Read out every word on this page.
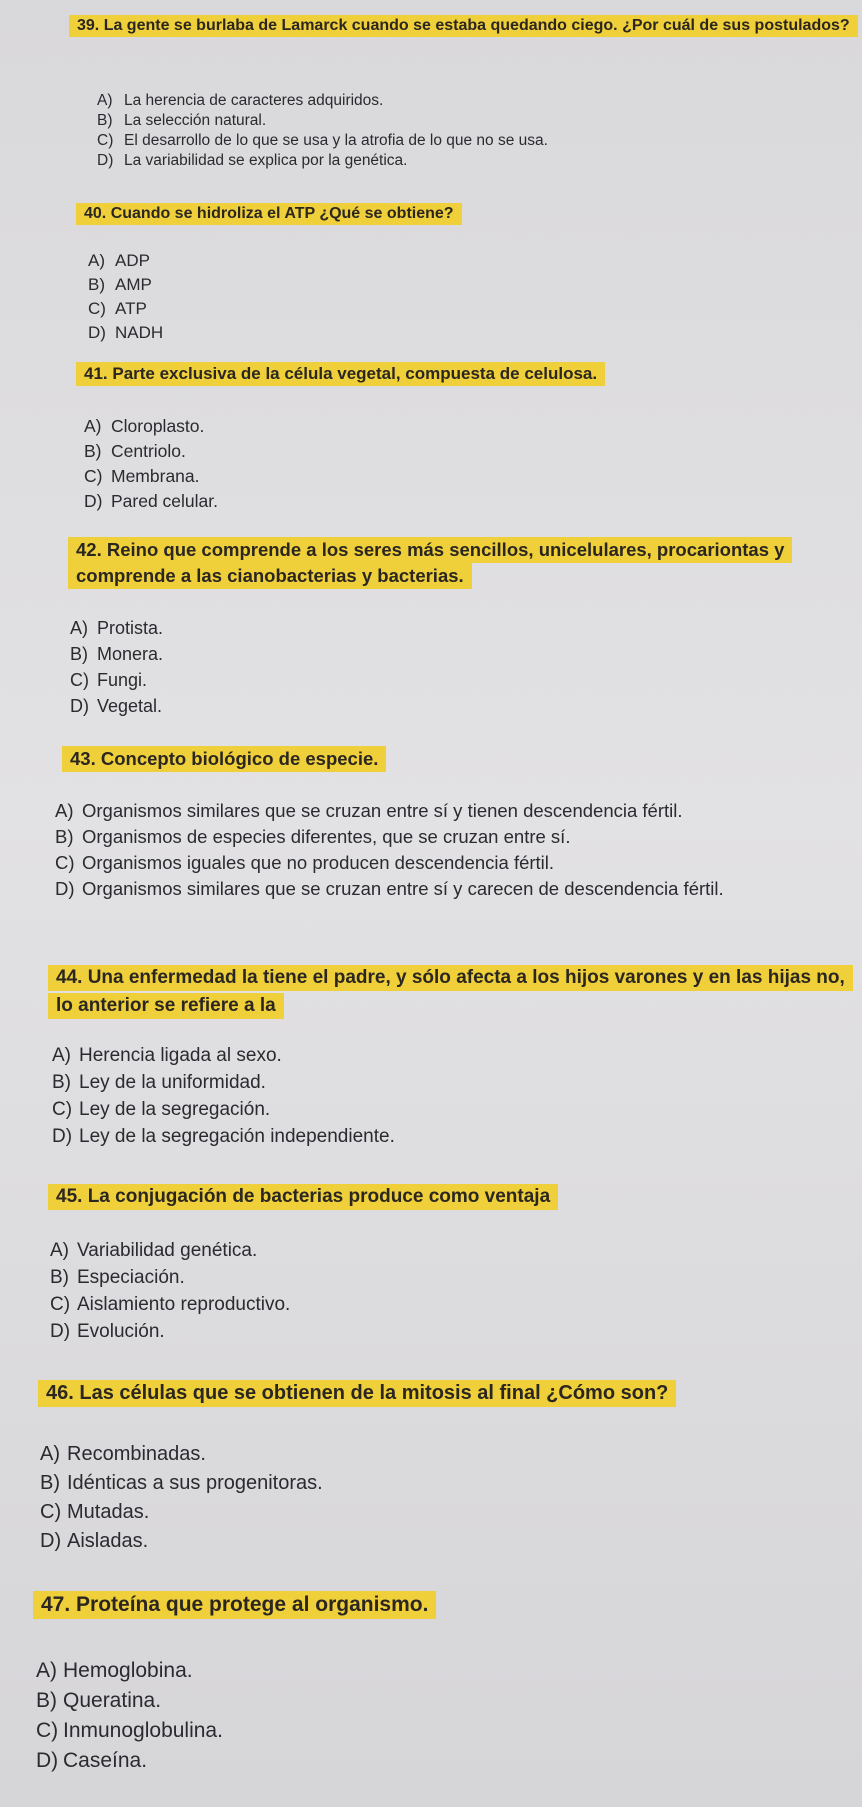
39. La gente se burlaba de Lamarck cuando se estaba quedando ciego. ¿Por cuál de sus postulados?
A) La herencia de caracteres adquiridos.
B) La selección natural.
C) El desarrollo de lo que se usa y la atrofia de lo que no se usa.
D) La variabilidad se explica por la genética.
40. Cuando se hidroliza el ATP ¿Qué se obtiene?
A) ADP
B) AMP
C) ATP
D) NADH
41. Parte exclusiva de la célula vegetal, compuesta de celulosa.
A) Cloroplasto.
B) Centriolo.
C) Membrana.
D) Pared celular.
42. Reino que comprende a los seres más sencillos, unicelulares, procariontas y comprende a las cianobacterias y bacterias.
A) Protista.
B) Monera.
C) Fungi.
D) Vegetal.
43. Concepto biológico de especie.
A) Organismos similares que se cruzan entre sí y tienen descendencia fértil.
B) Organismos de especies diferentes, que se cruzan entre sí.
C) Organismos iguales que no producen descendencia fértil.
D) Organismos similares que se cruzan entre sí y carecen de descendencia fértil.
44. Una enfermedad la tiene el padre, y sólo afecta a los hijos varones y en las hijas no, lo anterior se refiere a la
A) Herencia ligada al sexo.
B) Ley de la uniformidad.
C) Ley de la segregación.
D) Ley de la segregación independiente.
45. La conjugación de bacterias produce como ventaja
A) Variabilidad genética.
B) Especiación.
C) Aislamiento reproductivo.
D) Evolución.
46. Las células que se obtienen de la mitosis al final ¿Cómo son?
A) Recombinadas.
B) Idénticas a sus progenitoras.
C) Mutadas.
D) Aisladas.
47. Proteína que protege al organismo.
A) Hemoglobina.
B) Queratina.
C) Inmunoglobulina.
D) Caseína.
